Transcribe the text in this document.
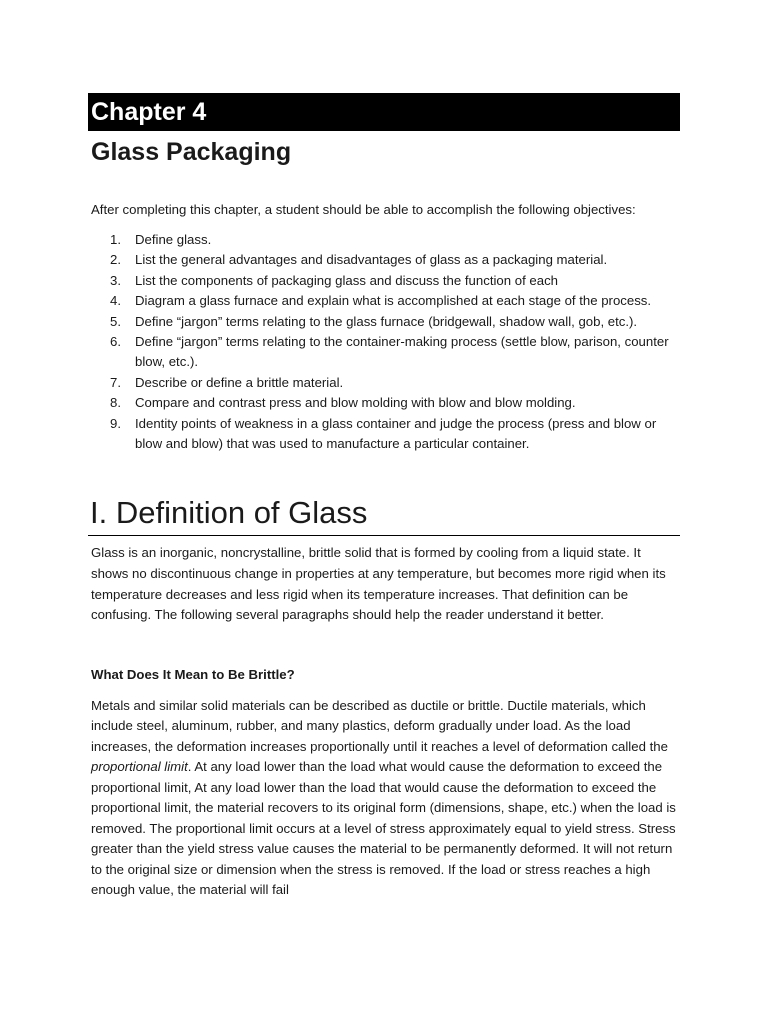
Chapter 4
Glass Packaging
After completing this chapter, a student should be able to accomplish the following objectives:
1. Define glass.
2. List the general advantages and disadvantages of glass as a packaging material.
3. List the components of packaging glass and discuss the function of each
4. Diagram a glass furnace and explain what is accomplished at each stage of the process.
5. Define “jargon” terms relating to the glass furnace (bridgewall, shadow wall, gob, etc.).
6. Define “jargon” terms relating to the container-making process (settle blow, parison, counter blow, etc.).
7. Describe or define a brittle material.
8. Compare and contrast press and blow molding with blow and blow molding.
9. Identity points of weakness in a glass container and judge the process (press and blow or blow and blow) that was used to manufacture a particular container.
I. Definition of Glass
Glass is an inorganic, noncrystalline, brittle solid that is formed by cooling from a liquid state. It shows no discontinuous change in properties at any temperature, but becomes more rigid when its temperature decreases and less rigid when its temperature increases. That definition can be confusing. The following several paragraphs should help the reader understand it better.
What Does It Mean to Be Brittle?
Metals and similar solid materials can be described as ductile or brittle. Ductile materials, which include steel, aluminum, rubber, and many plastics, deform gradually under load. As the load increases, the deformation increases proportionally until it reaches a level of deformation called the proportional limit. At any load lower than the load what would cause the deformation to exceed the proportional limit, At any load lower than the load that would cause the deformation to exceed the proportional limit, the material recovers to its original form (dimensions, shape, etc.) when the load is removed. The proportional limit occurs at a level of stress approximately equal to yield stress. Stress greater than the yield stress value causes the material to be permanently deformed. It will not return to the original size or dimension when the stress is removed. If the load or stress reaches a high enough value, the material will fail
